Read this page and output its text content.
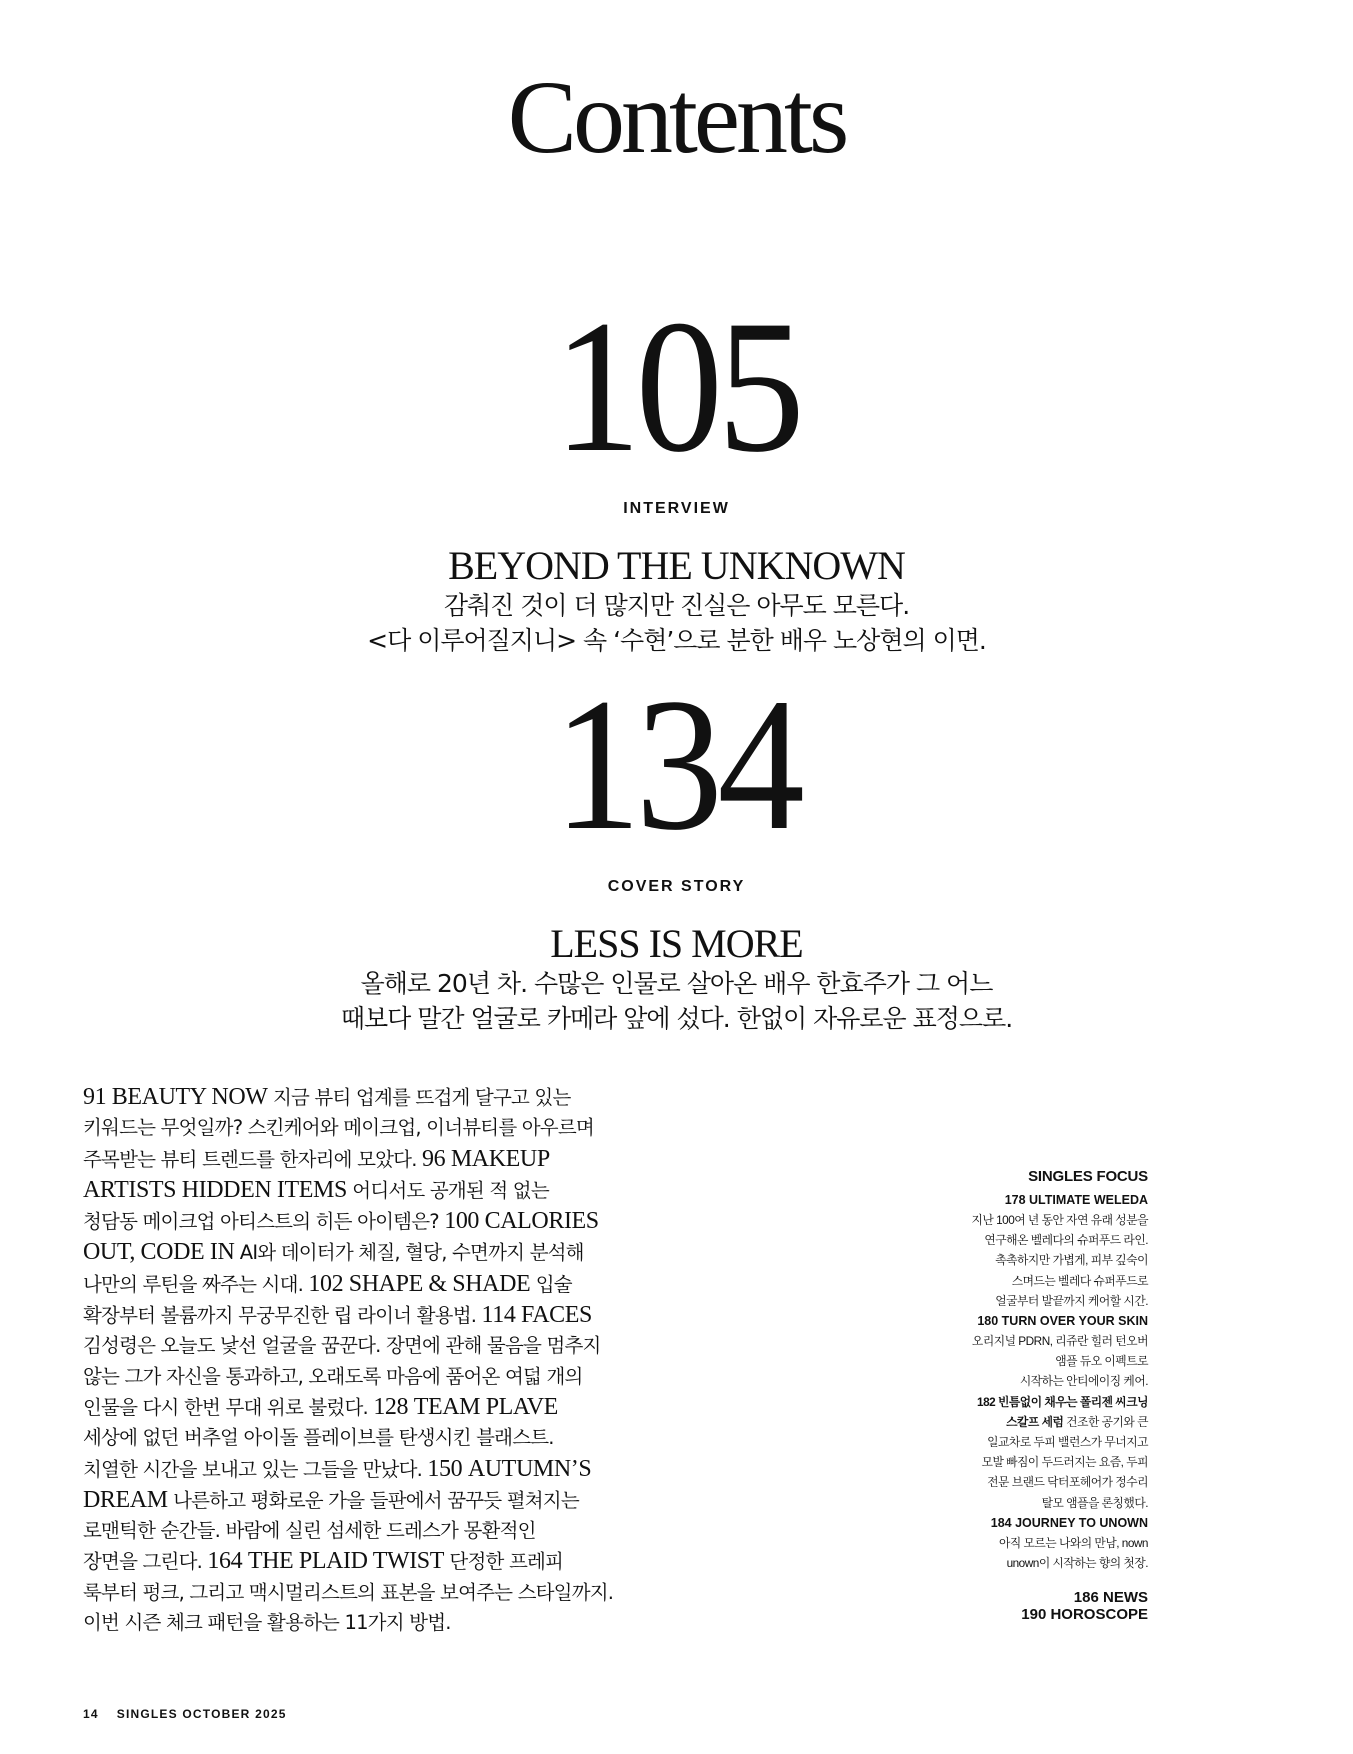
Contents
105
INTERVIEW
BEYOND THE UNKNOWN
감춰진 것이 더 많지만 진실은 아무도 모른다.
<다 이루어질지니> 속 ‘수현’으로 분한 배우 노상현의 이면.
134
COVER STORY
LESS IS MORE
올해로 20년 차. 수많은 인물로 살아온 배우 한효주가 그 어느
때보다 말간 얼굴로 카메라 앞에 섰다. 한없이 자유로운 표정으로.
91 BEAUTY NOW 지금 뷰티 업계를 뜨겁게 달구고 있는
키워드는 무엇일까? 스킨케어와 메이크업, 이너뷰티를 아우르며
주목받는 뷰티 트렌드를 한자리에 모았다. 96 MAKEUP
ARTISTS HIDDEN ITEMS 어디서도 공개된 적 없는
청담동 메이크업 아티스트의 히든 아이템은? 100 CALORIES
OUT, CODE IN AI와 데이터가 체질, 혈당, 수면까지 분석해
나만의 루틴을 짜주는 시대. 102 SHAPE & SHADE 입술
확장부터 볼륨까지 무궁무진한 립 라이너 활용법. 114 FACES
김성령은 오늘도 낯선 얼굴을 꿈꾼다. 장면에 관해 물음을 멈추지
않는 그가 자신을 통과하고, 오래도록 마음에 품어온 여덟 개의
인물을 다시 한번 무대 위로 불렀다. 128 TEAM PLAVE
세상에 없던 버추얼 아이돌 플레이브를 탄생시킨 블래스트.
치열한 시간을 보내고 있는 그들을 만났다. 150 AUTUMN’S
DREAM 나른하고 평화로운 가을 들판에서 꿈꾸듯 펼쳐지는
로맨틱한 순간들. 바람에 실린 섬세한 드레스가 몽환적인
장면을 그린다. 164 THE PLAID TWIST 단정한 프레피
룩부터 펑크, 그리고 맥시멀리스트의 표본을 보여주는 스타일까지.
이번 시즌 체크 패턴을 활용하는 11가지 방법.
SINGLES FOCUS
178 ULTIMATE WELEDA
지난 100여 년 동안 자연 유래 성분을
연구해온 벨레다의 슈퍼푸드 라인.
촉촉하지만 가볍게, 피부 깊숙이
스며드는 벨레다 슈퍼푸드로
얼굴부터 발끝까지 케어할 시간.
180 TURN OVER YOUR SKIN
오리지널 PDRN, 리쥬란 힐러 턴오버
앰플 듀오 이펙트로
시작하는 안티에이징 케어.
182 빈틈없이 채우는 폴리젠 씨크닝
스칼프 세럼 건조한 공기와 큰
일교차로 두피 밸런스가 무너지고
모발 빠짐이 두드러지는 요즘, 두피
전문 브랜드 닥터포헤어가 정수리
탈모 앰플을 론칭했다.
184 JOURNEY TO UNOWN
아직 모르는 나와의 만남, nown
unown이 시작하는 향의 첫장.
186 NEWS
190 HOROSCOPE
14 SINGLES OCTOBER 2025
